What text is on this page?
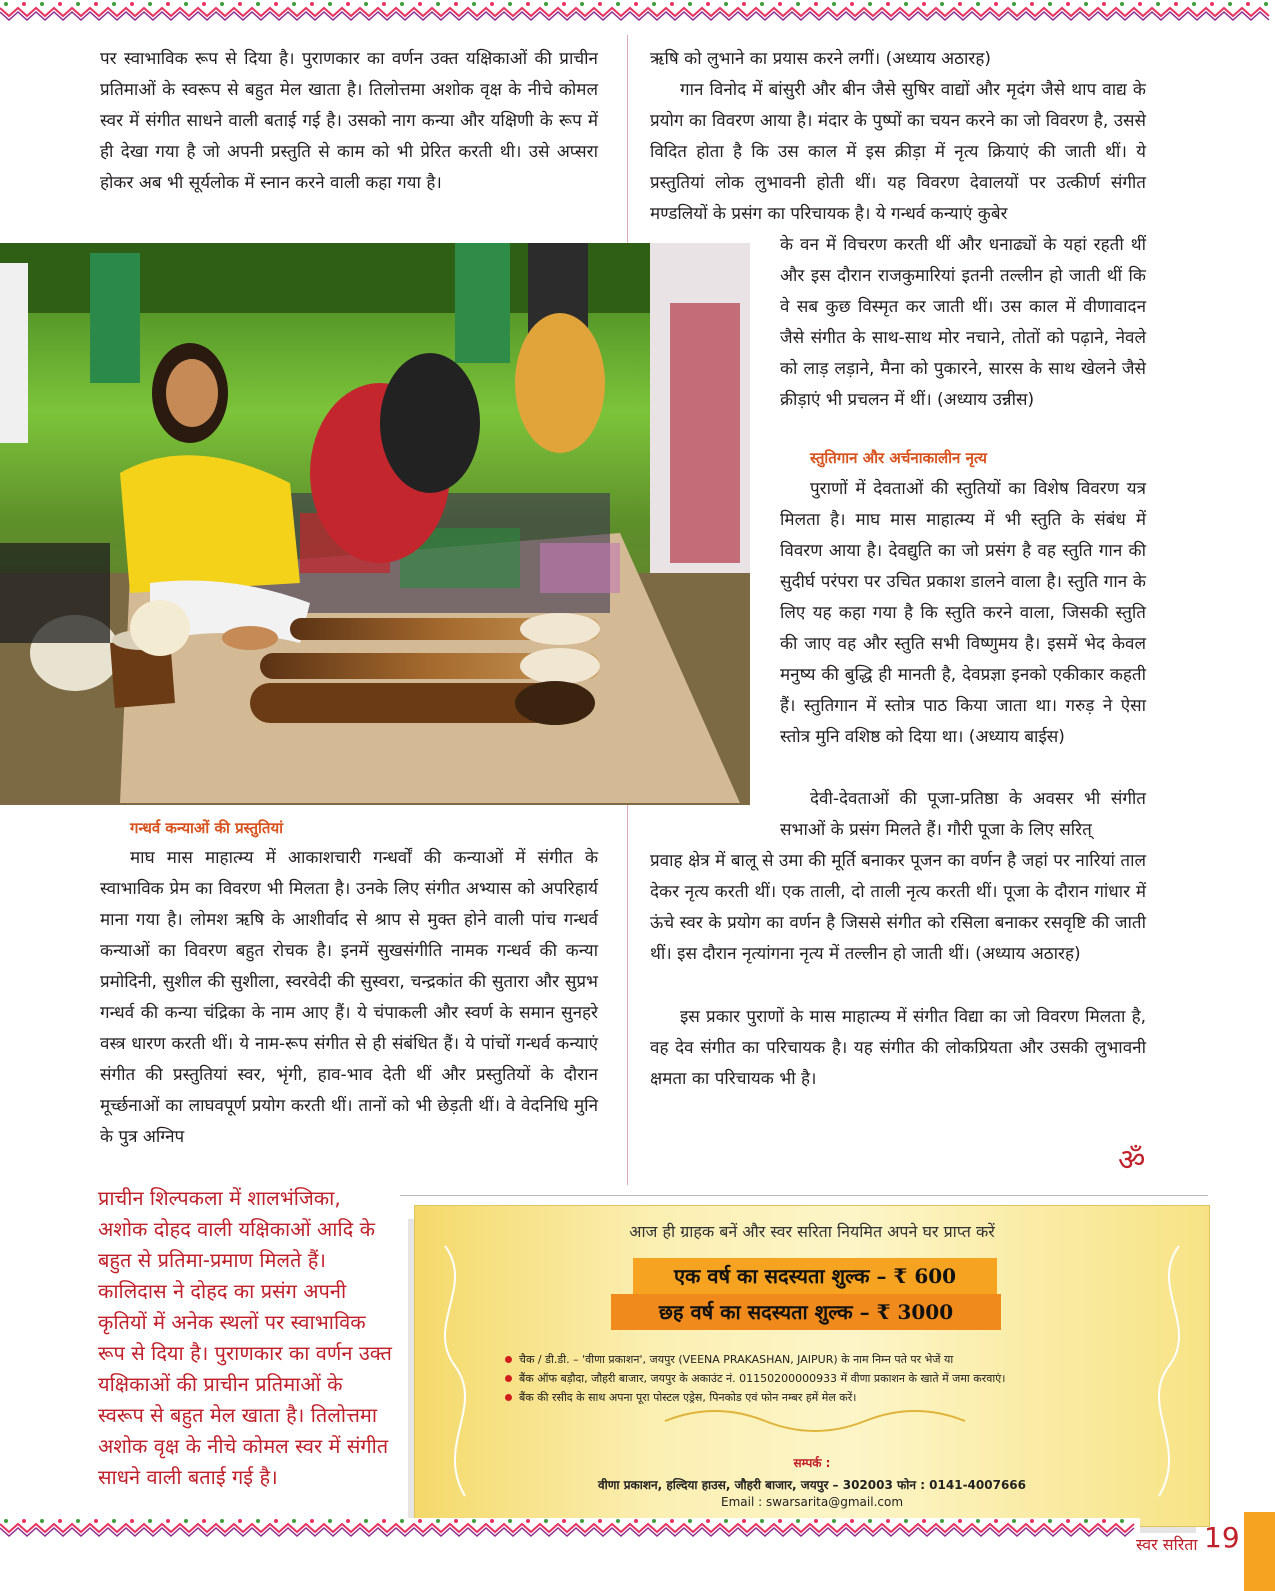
पर स्वाभाविक रूप से दिया है। पुराणकार का वर्णन उक्त यक्षिकाओं की प्राचीन प्रतिमाओं के स्वरूप से बहुत मेल खाता है। तिलोत्तमा अशोक वृक्ष के नीचे कोमल स्वर में संगीत साधने वाली बताई गई है। उसको नाग कन्या और यक्षिणी के रूप में ही देखा गया है जो अपनी प्रस्तुति से काम को भी प्रेरित करती थी। उसे अप्सरा होकर अब भी सूर्यलोक में स्नान करने वाली कहा गया है।

गन्धर्व कन्याओं की प्रस्तुतियां

माघ मास माहात्म्य में आकाशचारी गन्धर्वों की कन्याओं में संगीत के स्वाभाविक प्रेम का विवरण भी मिलता है। उनके लिए संगीत अभ्यास को अपरिहार्य माना गया है। लोमश ऋषि के आशीर्वाद से श्राप से मुक्त होने वाली पांच गन्धर्व कन्याओं का विवरण बहुत रोचक है। इनमें सुखसंगीति नामक गन्धर्व की कन्या प्रमोदिनी, सुशील की सुशीला, स्वरवेदी की सुस्वरा, चन्द्रकांत की सुतारा और सुप्रभ गन्धर्व की कन्या चंद्रिका के नाम आए हैं। ये चंपाकली और स्वर्ण के समान सुनहरे वस्त्र धारण करती थीं। ये नाम-रूप संगीत से ही संबंधित हैं। ये पांचों गन्धर्व कन्याएं संगीत की प्रस्तुतियां स्वर, भृंगी, हाव-भाव देती थीं और प्रस्तुतियों के दौरान मूर्च्छनाओं का लाघवपूर्ण प्रयोग करती थीं। तानों को भी छेड़ती थीं। वे वेदनिधि मुनि के पुत्र अग्निप

ऋषि को लुभाने का प्रयास करने लगीं। (अध्याय अठारह)

गान विनोद में बांसुरी और बीन जैसे सुषिर वाद्यों और मृदंग जैसे थाप वाद्य के प्रयोग का विवरण आया है। मंदार के पुष्पों का चयन करने का जो विवरण है, उससे विदित होता है कि उस काल में इस क्रीड़ा में नृत्य क्रियाएं की जाती थीं। ये प्रस्तुतियां लोक लुभावनी होती थीं। यह विवरण देवालयों पर उत्कीर्ण संगीत मण्डलियों के प्रसंग का परिचायक है। ये गन्धर्व कन्याएं कुबेर

के वन में विचरण करती थीं और धनाढ्यों के यहां रहती थीं और इस दौरान राजकुमारियां इतनी तल्लीन हो जाती थीं कि वे सब कुछ विस्मृत कर जाती थीं। उस काल में वीणावादन जैसे संगीत के साथ-साथ मोर नचाने, तोतों को पढ़ाने, नेवले को लाड़ लड़ाने, मैना को पुकारने, सारस के साथ खेलने जैसे क्रीड़ाएं भी प्रचलन में थीं। (अध्याय उन्नीस)

स्तुतिगान और अर्चनाकालीन नृत्य

पुराणों में देवताओं की स्तुतियों का विशेष विवरण यत्र मिलता है। माघ मास माहात्म्य में भी स्तुति के संबंध में विवरण आया है। देवद्युति का जो प्रसंग है वह स्तुति गान की सुदीर्घ परंपरा पर उचित प्रकाश डालने वाला है। स्तुति गान के लिए यह कहा गया है कि स्तुति करने वाला, जिसकी स्तुति की जाए वह और स्तुति सभी विष्णुमय है। इसमें भेद केवल मनुष्य की बुद्धि ही मानती है, देवप्रज्ञा इनको एकीकार कहती हैं। स्तुतिगान में स्तोत्र पाठ किया जाता था। गरुड़ ने ऐसा स्तोत्र मुनि वशिष्ठ को दिया था। (अध्याय बाईस)

देवी-देवताओं की पूजा-प्रतिष्ठा के अवसर भी संगीत सभाओं के प्रसंग मिलते हैं। गौरी पूजा के लिए सरित्

प्रवाह क्षेत्र में बालू से उमा की मूर्ति बनाकर पूजन का वर्णन है जहां पर नारियां ताल देकर नृत्य करती थीं। एक ताली, दो ताली नृत्य करती थीं। पूजा के दौरान गांधार में ऊंचे स्वर के प्रयोग का वर्णन है जिससे संगीत को रसिला बनाकर रसवृष्टि की जाती थीं। इस दौरान नृत्यांगना नृत्य में तल्लीन हो जाती थीं। (अध्याय अठारह)

इस प्रकार पुराणों के मास माहात्म्य में संगीत विद्या का जो विवरण मिलता है, वह देव संगीत का परिचायक है। यह संगीत की लोकप्रियता और उसकी लुभावनी क्षमता का परिचायक भी है।

ॐ
प्राचीन शिल्पकला में शालभंजिका, अशोक दोहद वाली यक्षिकाओं आदि के बहुत से प्रतिमा-प्रमाण मिलते हैं। कालिदास ने दोहद का प्रसंग अपनी कृतियों में अनेक स्थलों पर स्वाभाविक रूप से दिया है। पुराणकार का वर्णन उक्त यक्षिकाओं की प्राचीन प्रतिमाओं के स्वरूप से बहुत मेल खाता है। तिलोत्तमा अशोक वृक्ष के नीचे कोमल स्वर में संगीत साधने वाली बताई गई है।
आज ही ग्राहक बनें और स्वर सरिता नियमित अपने घर प्राप्त करें
एक वर्ष का सदस्यता शुल्क – ₹ 600
छह वर्ष का सदस्यता शुल्क – ₹ 3000
चैक / डी.डी. – 'वीणा प्रकाशन', जयपुर (VEENA PRAKASHAN, JAIPUR) के नाम निम्न पते पर भेजें या
बैंक ऑफ बड़ौदा, जौहरी बाजार, जयपुर के अकाउंट नं. 01150200000933 में वीणा प्रकाशन के खाते में जमा करवाएं।
बैंक की रसीद के साथ अपना पूरा पोस्टल एड्रेस, पिनकोड एवं फोन नम्बर हमें मेल करें।
सम्पर्क :
वीणा प्रकाशन, हल्दिया हाउस, जौहरी बाजार, जयपुर – 302003 फोन : 0141-4007666
Email : swarsarita@gmail.com
स्वर सरिता 19
